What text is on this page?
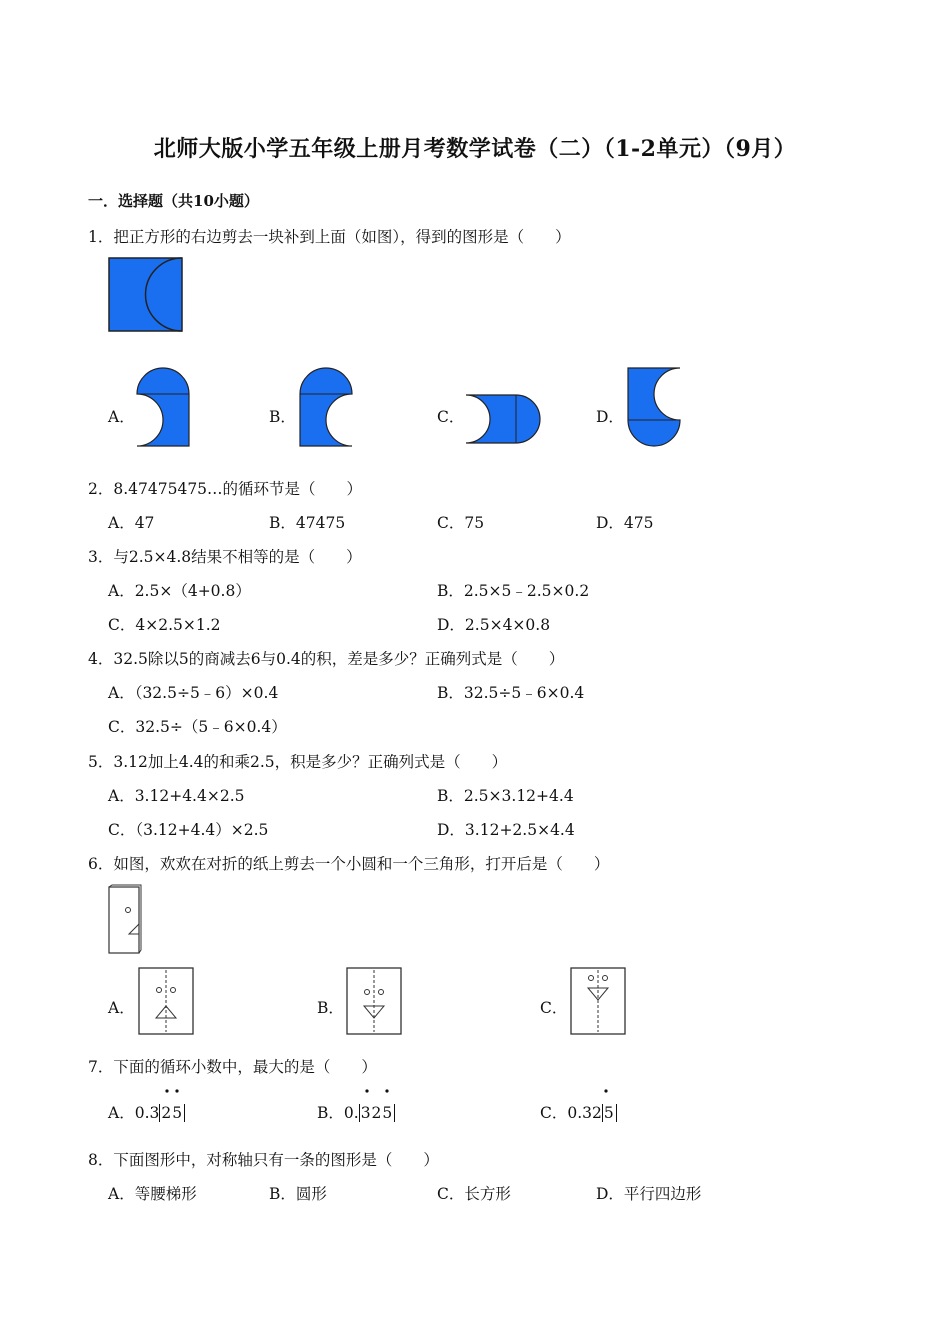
北师大版小学五年级上册月考数学试卷（二）（1-2单元）（9月）
一．选择题（共10小题）
1．把正方形的右边剪去一块补到上面（如图），得到的图形是（　　）
A．	B．	C．	D．
2．8.47475475…的循环节是（　　）
A．47	B．47475	C．75	D．475
3．与2.5×4.8结果不相等的是（　　）
A．2.5×（4+0.8）	B．2.5×5﹣2.5×0.2
C．4×2.5×1.2	D．2.5×4×0.8
4．32.5除以5的商减去6与0.4的积，差是多少？正确列式是（　　）
A．（32.5÷5﹣6）×0.4	B．32.5÷5﹣6×0.4
C．32.5÷（5﹣6×0.4）
5．3.12加上4.4的和乘2.5，积是多少？正确列式是（　　）
A．3.12+4.4×2.5	B．2.5×3.12+4.4
C．（3.12+4.4）×2.5	D．3.12+2.5×4.4
6．如图，欢欢在对折的纸上剪去一个小圆和一个三角形，打开后是（　　）
A．	B．	C．
7．下面的循环小数中，最大的是（　　）
A．0.3 25	B．0. 325	C．0.32 5
8．下面图形中，对称轴只有一条的图形是（　　）
A．等腰梯形	B．圆形	C．长方形	D．平行四边形
